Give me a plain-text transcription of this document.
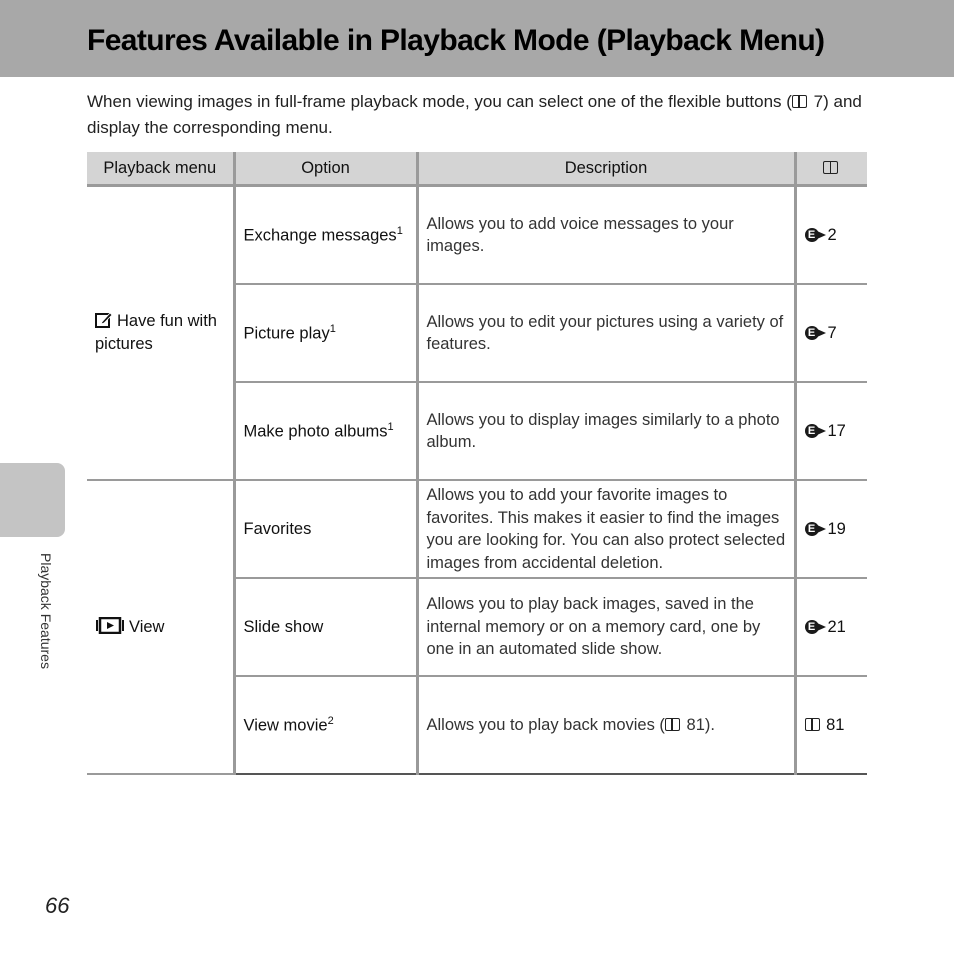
Features Available in Playback Mode (Playback Menu)
When viewing images in full-frame playback mode, you can select one of the flexible buttons ( 7) and display the corresponding menu.
Playback menu	Option	Description	
Have fun with pictures	Exchange messages$^1$	Allows you to add voice messages to your images.	E 2
	Picture play$^1$	Allows you to edit your pictures using a variety of features.	E 7
	Make photo albums$^1$	Allows you to display images similarly to a photo album.	E 17
View	Favorites	Allows you to add your favorite images to favorites. This makes it easier to find the images you are looking for. You can also protect selected images from accidental deletion.	E 19
	Slide show	Allows you to play back images, saved in the internal memory or on a memory card, one by one in an automated slide show.	E 21
	View movie$^2$	Allows you to play back movies ( 81).	81
Playback Features
66
